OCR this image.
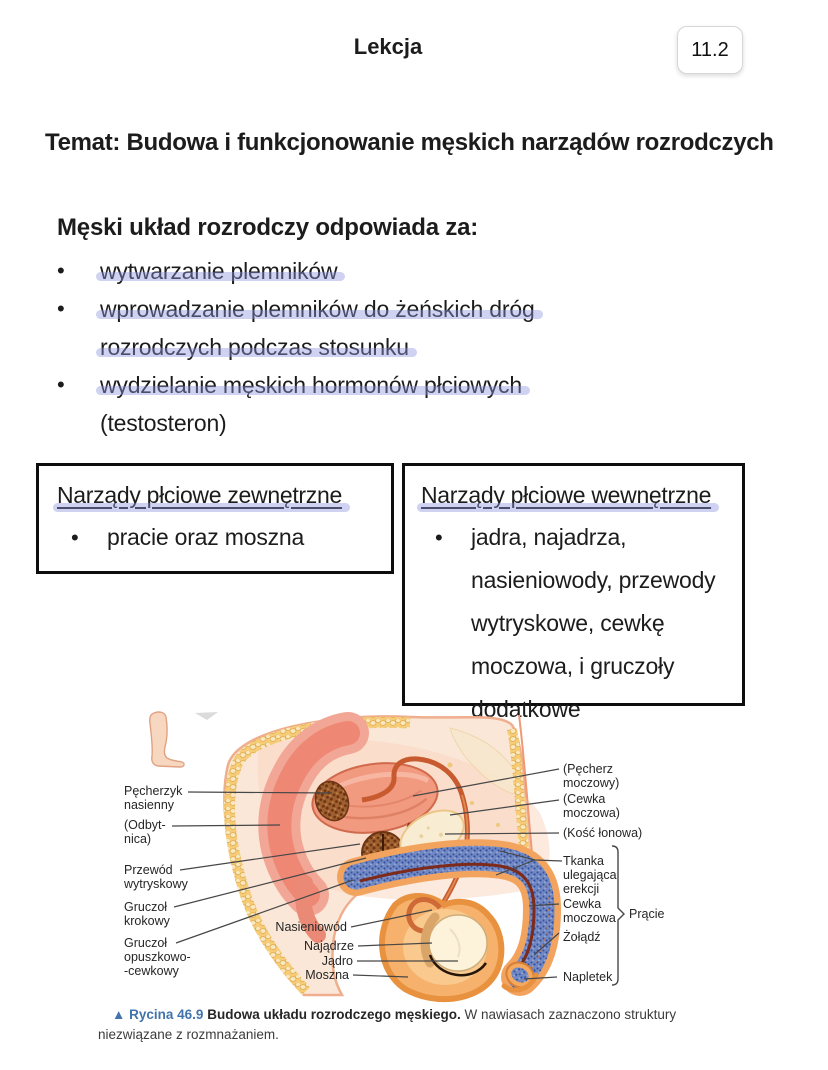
Lekcja	11.2
Temat: Budowa i funkcjonowanie męskich narządów rozrodczych
Męski układ rozrodczy odpowiada za:
•	wytwarzanie plemników
•	wprowadzanie plemników do żeńskich dróg
rozrodczych podczas stosunku
•	wydzielanie męskich hormonów płciowych
(testosteron)
Narządy płciowe zewnętrzne
•	pracie oraz moszna
Narządy płciowe wewnętrzne
•	jadra, najadrza,
nasieniowody, przewody
wytryskowe, cewkę
moczowa, i gruczoły
dodatkowe
Pęcherzyk
nasienny
(Odbyt-
nica)
Przewód
wytryskowy
Gruczoł
krokowy
Gruczoł
opuszkowo-
-cewkowy
Nasieniowód
Najądrze
Jądro
Moszna
(Pęcherz
moczowy)
(Cewka
moczowa)
(Kość łonowa)
Tkanka
ulegająca
erekcji
Cewka
moczowa Prącie
Żołądź
Napletek
▲ Rycina 46.9 Budowa układu rozrodczego męskiego. W nawiasach zaznaczono struktury niezwiązane z rozmnażaniem.
